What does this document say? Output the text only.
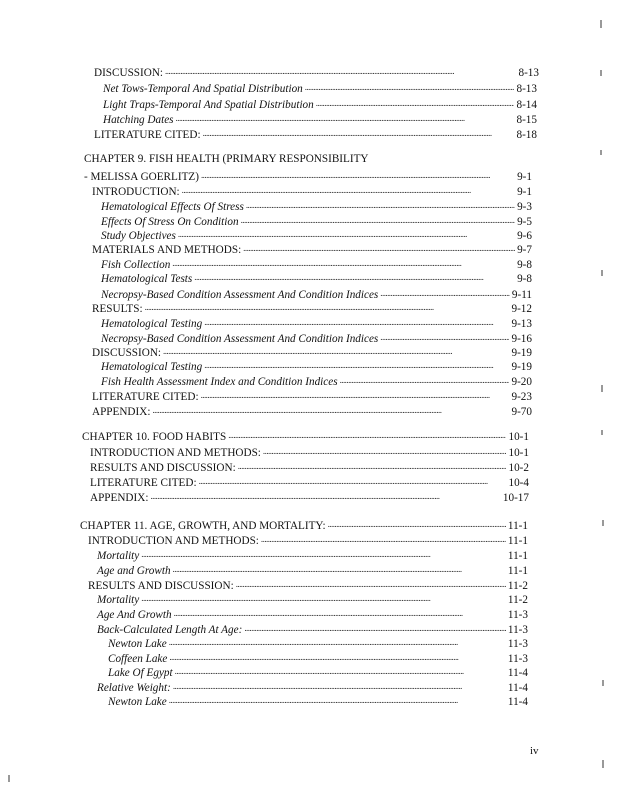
DISCUSSION: . . .	8-13
Net Tows-Temporal And Spatial Distribution . . .	8-13
Light Traps-Temporal And Spatial Distribution . . .	8-14
Hatching Dates . . .	8-15
LITERATURE CITED: . . .	8-18
CHAPTER 9. FISH HEALTH (PRIMARY RESPONSIBILITY
- MELISSA GOERLITZ) . . .	9-1
INTRODUCTION: . . .	9-1
Hematological Effects Of Stress . . .	9-3
Effects Of Stress On Condition . . .	9-5
Study Objectives . . .	9-6
MATERIALS AND METHODS: . . .	9-7
Fish Collection . . .	9-8
Hematological Tests . . .	9-8
Necropsy-Based Condition Assessment And Condition Indices . . .	9-11
RESULTS: . . .	9-12
Hematological Testing . . .	9-13
Necropsy-Based Condition Assessment And Condition Indices . . .	9-16
DISCUSSION: . . .	9-19
Hematological Testing . . .	9-19
Fish Health Assessment Index and Condition Indices . . .	9-20
LITERATURE CITED: . . .	9-23
APPENDIX: . . .	9-70
CHAPTER 10. FOOD HABITS . . .	10-1
INTRODUCTION AND METHODS: . . .	10-1
RESULTS AND DISCUSSION: . . .	10-2
LITERATURE CITED: . . .	10-4
APPENDIX: . . .	10-17
CHAPTER 11. AGE, GROWTH, AND MORTALITY: . . .	11-1
INTRODUCTION AND METHODS: . . .	11-1
Mortality . . .	11-1
Age and Growth . . .	11-1
RESULTS AND DISCUSSION: . . .	11-2
Mortality . . .	11-2
Age And Growth . . .	11-3
Back-Calculated Length At Age: . . .	11-3
Newton Lake . . .	11-3
Coffeen Lake . . .	11-3
Lake Of Egypt . . .	11-4
Relative Weight: . . .	11-4
Newton Lake . . .	11-4
iv
